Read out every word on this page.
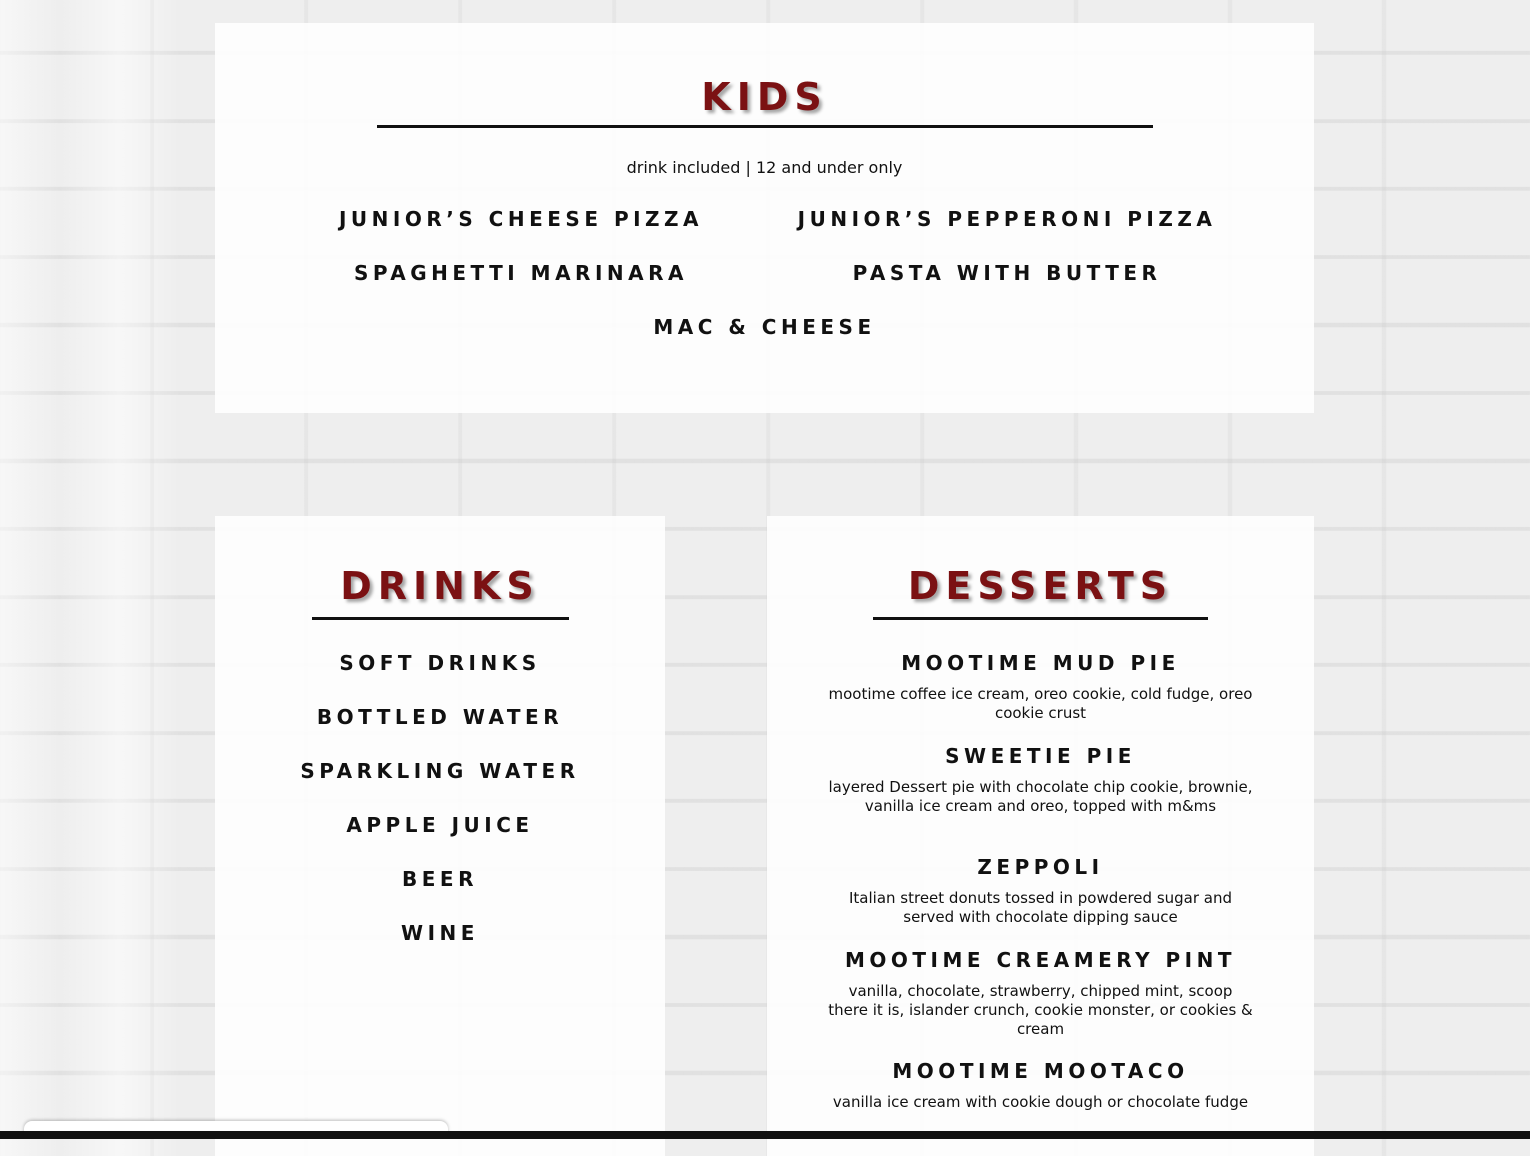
KIDS
drink included | 12 and under only
JUNIOR’S CHEESE PIZZA	JUNIOR’S PEPPERONI PIZZA
SPAGHETTI MARINARA	PASTA WITH BUTTER
MAC & CHEESE
DRINKS
SOFT DRINKS
BOTTLED WATER
SPARKLING WATER
APPLE JUICE
BEER
WINE
DESSERTS
MOOTIME MUD PIE
mootime coffee ice cream, oreo cookie, cold fudge, oreo cookie crust
SWEETIE PIE
layered Dessert pie with chocolate chip cookie, brownie, vanilla ice cream and oreo, topped with m&ms
ZEPPOLI
Italian street donuts tossed in powdered sugar and served with chocolate dipping sauce
MOOTIME CREAMERY PINT
vanilla, chocolate, strawberry, chipped mint, scoop there it is, islander crunch, cookie monster, or cookies & cream
MOOTIME MOOTACO
vanilla ice cream with cookie dough or chocolate fudge
